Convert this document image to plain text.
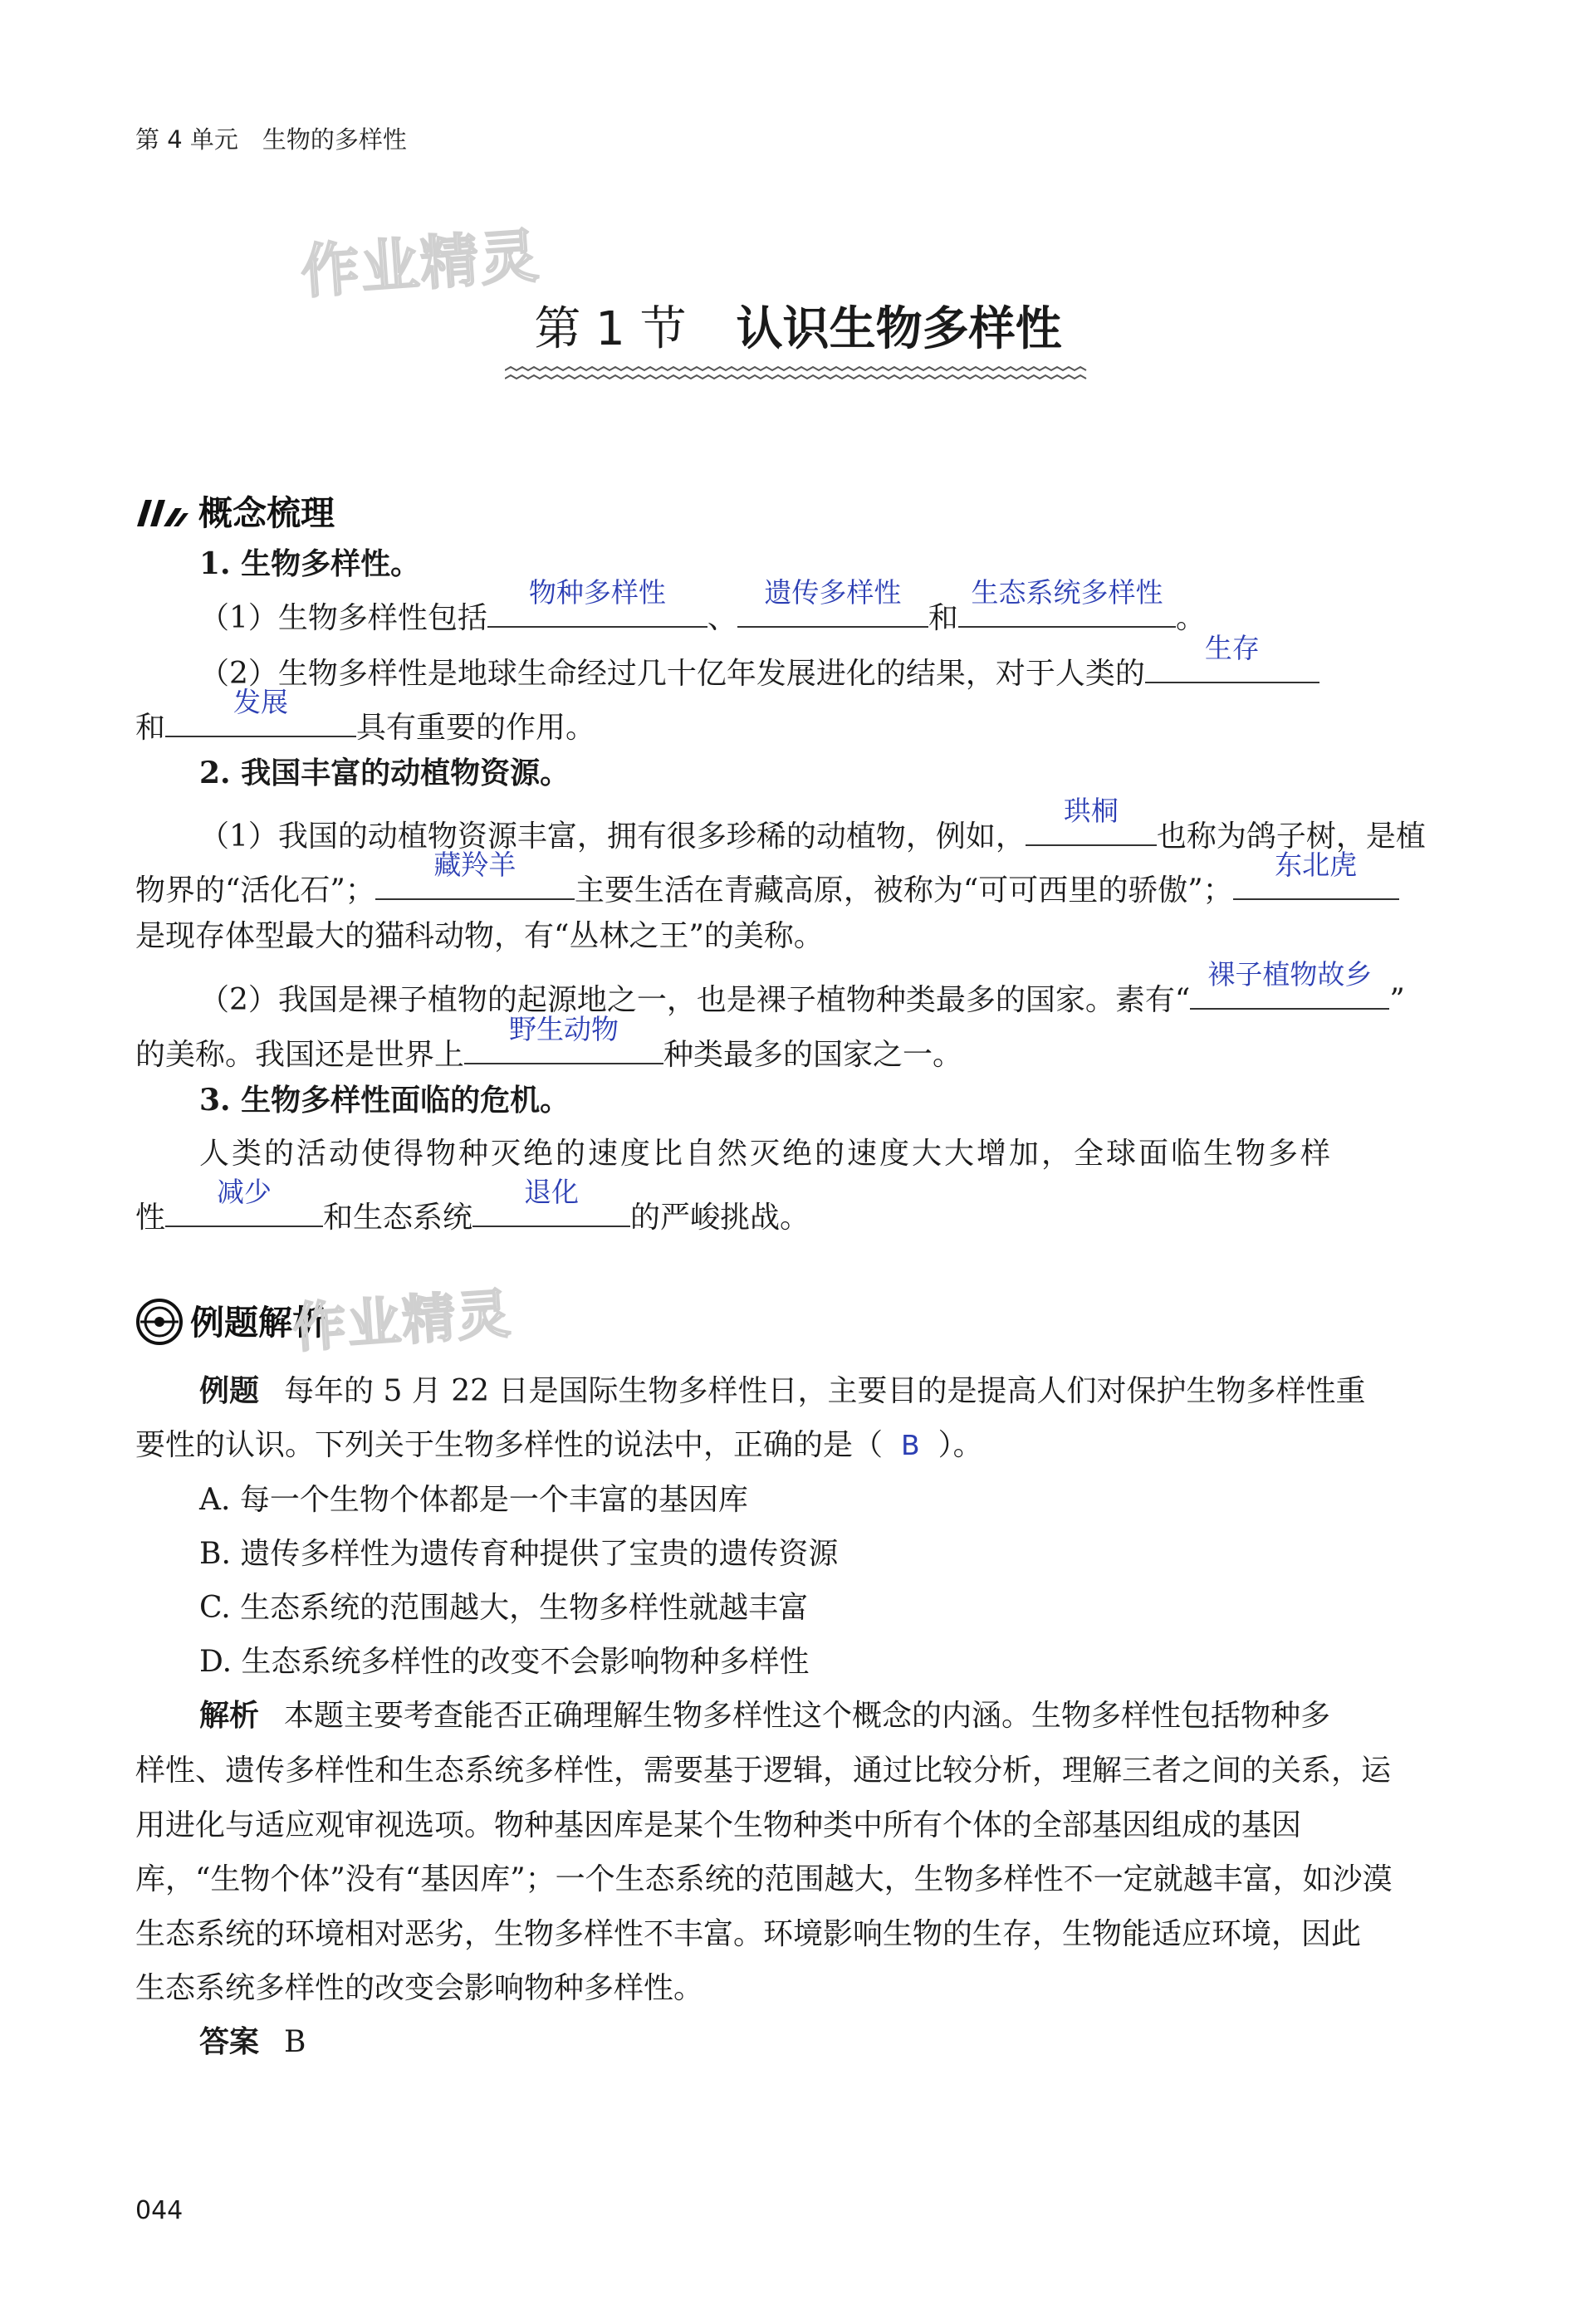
第 4 单元　生物的多样性
作业精灵
第 1 节 认识生物多样性
概念梳理
1. 生物多样性。
（1）生物多样性包括
物种多样性
、
遗传多样性
和
生态系统多样性
。
（2）生物多样性是地球生命经过几十亿年发展进化的结果，对于人类的
生存
和
发展
具有重要的作用。
2. 我国丰富的动植物资源。
（1）我国的动植物资源丰富，拥有很多珍稀的动植物，例如，
珙桐
也称为鸽子树，是植
物界的“活化石”；
藏羚羊
主要生活在青藏高原，被称为“可可西里的骄傲”；
东北虎
是现存体型最大的猫科动物，有“丛林之王”的美称。
（2）我国是裸子植物的起源地之一，也是裸子植物种类最多的国家。素有“
裸子植物故乡
”
的美称。我国还是世界上
野生动物
种类最多的国家之一。
3. 生物多样性面临的危机。
人类的活动使得物种灭绝的速度比自然灭绝的速度大大增加，全球面临生物多样
性
减少
和生态系统
退化
的严峻挑战。
例题解析
作业精灵
例题 每年的 5 月 22 日是国际生物多样性日，主要目的是提高人们对保护生物多样性重
要性的认识。下列关于生物多样性的说法中，正确的是（ B ）。
A. 每一个生物个体都是一个丰富的基因库
B. 遗传多样性为遗传育种提供了宝贵的遗传资源
C. 生态系统的范围越大，生物多样性就越丰富
D. 生态系统多样性的改变不会影响物种多样性
解析 本题主要考查能否正确理解生物多样性这个概念的内涵。生物多样性包括物种多
样性、遗传多样性和生态系统多样性，需要基于逻辑，通过比较分析，理解三者之间的关系，运
用进化与适应观审视选项。物种基因库是某个生物种类中所有个体的全部基因组成的基因
库，“生物个体”没有“基因库”；一个生态系统的范围越大，生物多样性不一定就越丰富，如沙漠
生态系统的环境相对恶劣，生物多样性不丰富。环境影响生物的生存，生物能适应环境，因此
生态系统多样性的改变会影响物种多样性。
答案 B
044
